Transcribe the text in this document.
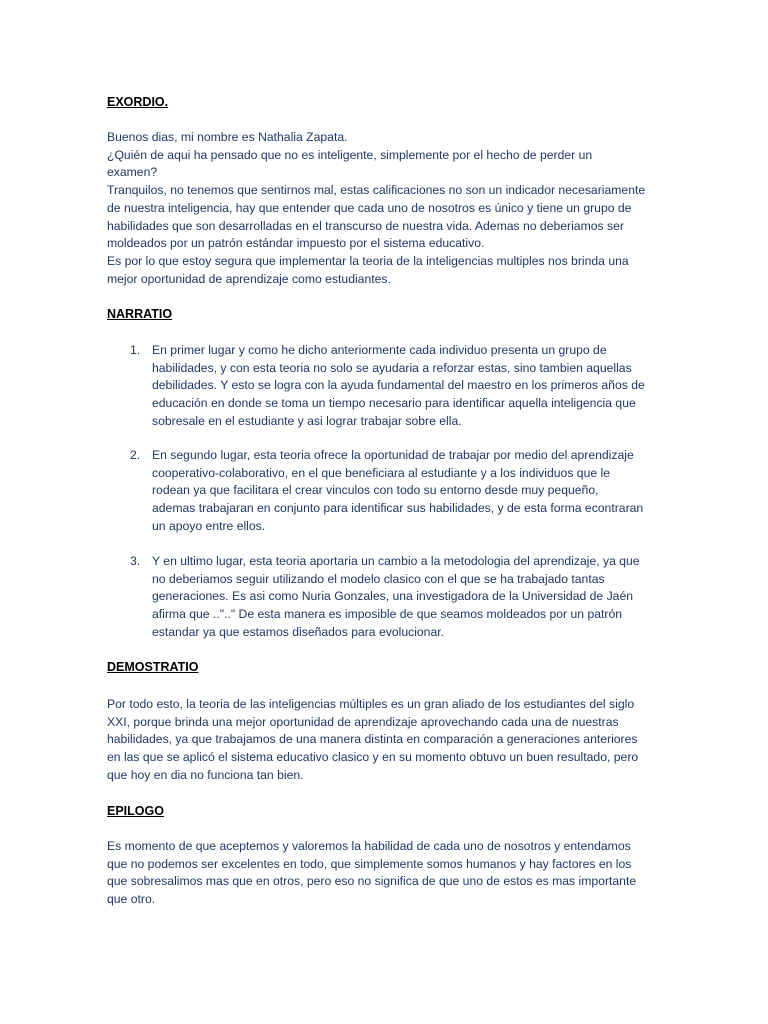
EXORDIO.

Buenos dias, mi nombre es Nathalia Zapata.
¿Quién de aqui ha pensado que no es inteligente, simplemente por el hecho de perder un
examen?
Tranquilos, no tenemos que sentirnos mal, estas calificaciones no son un indicador necesariamente
de nuestra inteligencia, hay que entender que cada uno de nosotros es único y tiene un grupo de
habilidades que son desarrolladas en el transcurso de nuestra vida. Ademas no deberiamos ser
moldeados por un patrón estándar impuesto por el sistema educativo.
Es por lo que estoy segura que implementar la teoria de la inteligencias multiples nos brinda una
mejor oportunidad de aprendizaje como estudiantes.

NARRATIO
1. En primer lugar y como he dicho anteriormente cada individuo presenta un grupo de
habilidades, y con esta teoria no solo se ayudaria a reforzar estas, sino tambien aquellas
debilidades. Y esto se logra con la ayuda fundamental del maestro en los primeros años de
educación en donde se toma un tiempo necesario para identificar aquella inteligencia que
sobresale en el estudiante y asi lograr trabajar sobre ella.
2. En segundo lugar, esta teoria ofrece la oportunidad de trabajar por medio del aprendizaje
cooperativo-colaborativo, en el que beneficiara al estudiante y a los individuos que le
rodean ya que facilitara el crear vinculos con todo su entorno desde muy pequeño,
ademas trabajaran en conjunto para identificar sus habilidades, y de esta forma econtraran
un apoyo entre ellos.
3. Y en ultimo lugar, esta teoria aportaria un cambio a la metodologia del aprendizaje, ya que
no deberiamos seguir utilizando el modelo clasico con el que se ha trabajado tantas
generaciones. Es asi como Nuria Gonzales, una investigadora de la Universidad de Jaén
afirma que ..".." De esta manera es imposible de que seamos moldeados por un patrón
estandar ya que estamos diseñados para evolucionar.
DEMOSTRATIO

Por todo esto, la teoria de las inteligencias múltiples es un gran aliado de los estudiantes del siglo
XXI, porque brinda una mejor oportunidad de aprendizaje aprovechando cada una de nuestras
habilidades, ya que trabajamos de una manera distinta en comparación a generaciones anteriores
en las que se aplicó el sistema educativo clasico y en su momento obtuvo un buen resultado, pero
que hoy en dia no funciona tan bien.

EPILOGO

Es momento de que aceptemos y valoremos la habilidad de cada uno de nosotros y entendamos
que no podemos ser excelentes en todo, que simplemente somos humanos y hay factores en los
que sobresalimos mas que en otros, pero eso no significa de que uno de estos es mas importante
que otro.
